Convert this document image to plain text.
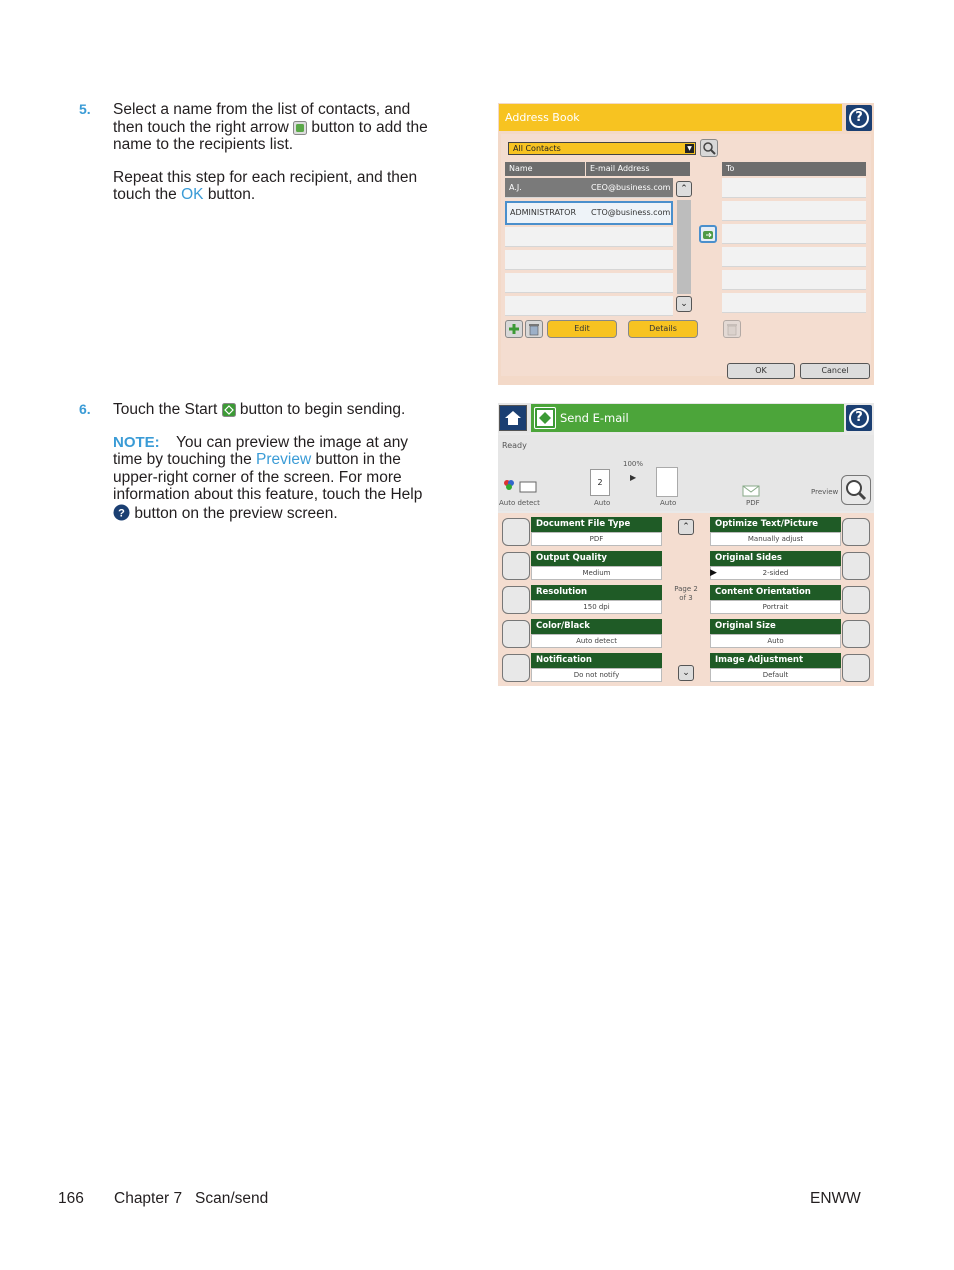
5. Select a name from the list of contacts, and
then touch the right arrow button to add the
name to the recipients list.
Repeat this step for each recipient, and then
touch the OK button.
Address Book	?
All Contacts	▼
Name	E-mail Address	To
A.J.	CEO@business.com
ADMINISTRATOR CTO@business.com
⌃
⌄
Edit	Details
OK	Cancel
6. Touch the Start button to begin sending.
NOTE: You can preview the image at any
time by touching the Preview button in the
upper-right corner of the screen. For more
information about this feature, touch the Help
? button on the preview screen.
Send E-mail	?
Ready
100%
Auto detect
2
▶
Auto	Auto	PDF
Preview
Document File Type
PDF
Output Quality
Medium
Resolution
150 dpi
Color/Black
Auto detect
Notification
Do not notify
⌃
Page 2
of 3
⌄
Optimize Text/Picture
Manually adjust
Original Sides
2-sided
▶
Content Orientation
Portrait
Original Size
Auto
Image Adjustment
Default
166 Chapter 7   Scan/send	ENWW
